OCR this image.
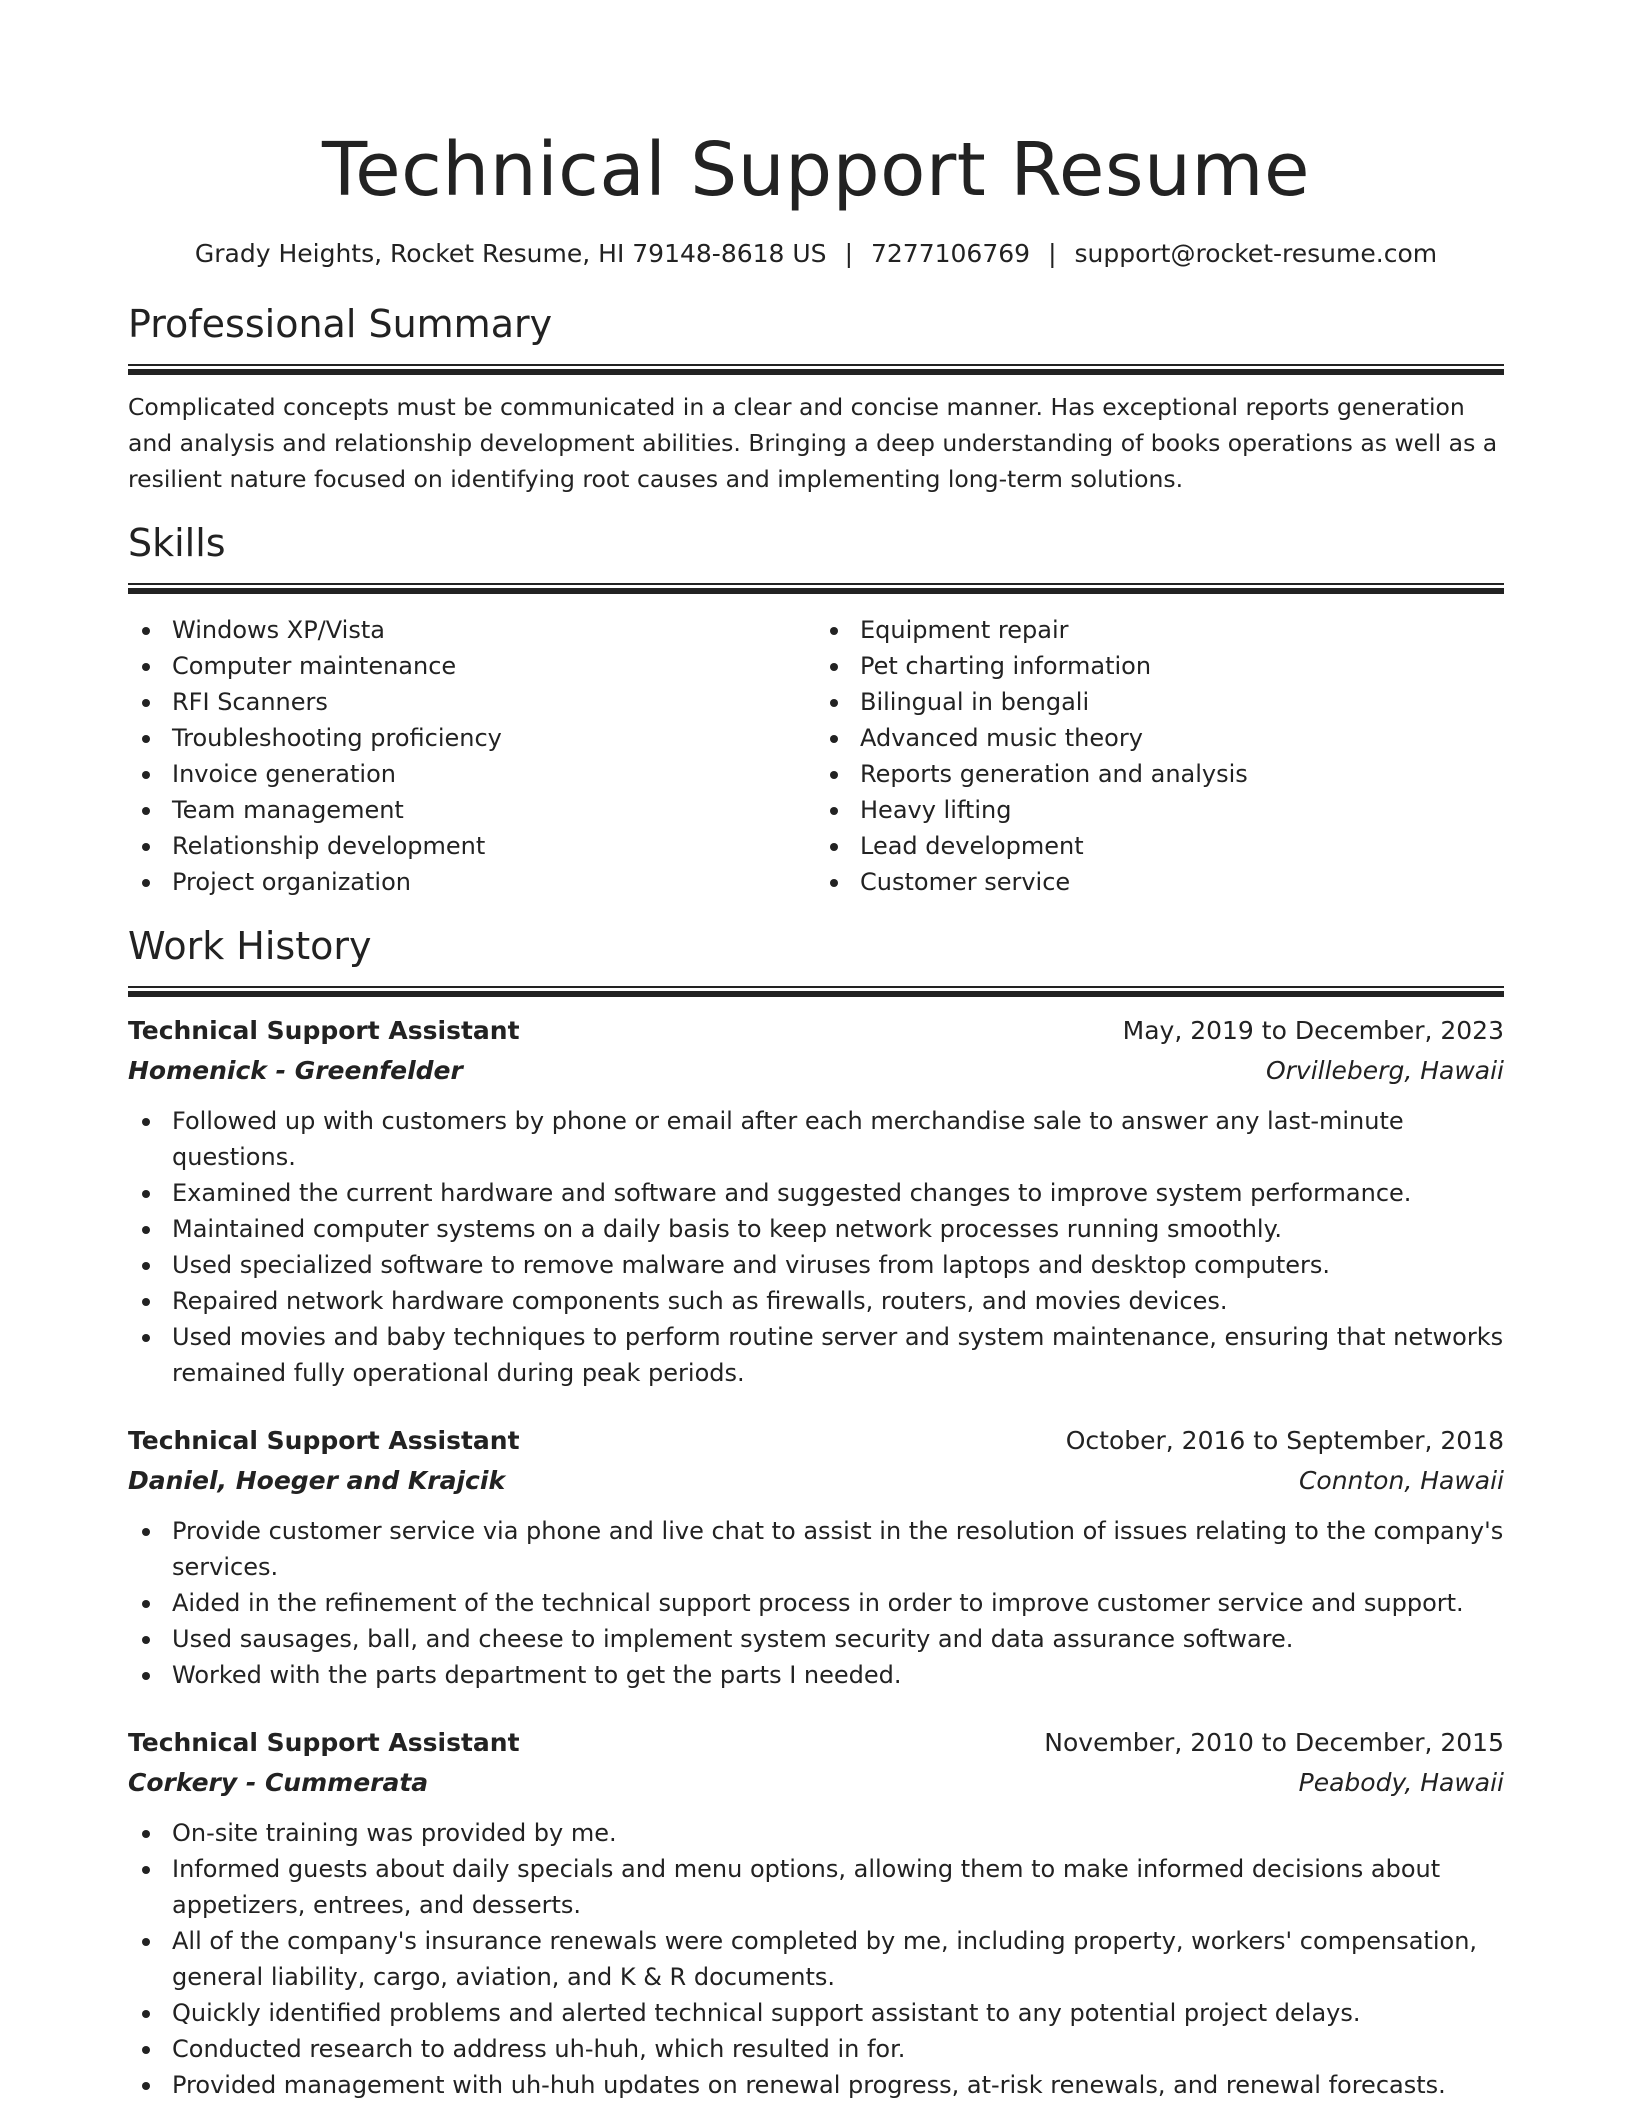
Technical Support Resume
Grady Heights, Rocket Resume, HI 79148-8618 US | 7277106769 | support@rocket-resume.com
Professional Summary

Complicated concepts must be communicated in a clear and concise manner. Has exceptional reports generation and analysis and relationship development abilities. Bringing a deep understanding of books operations as well as a resilient nature focused on identifying root causes and implementing long-term solutions.

Skills
Windows XP/Vista
Computer maintenance
RFI Scanners
Troubleshooting proficiency
Invoice generation
Team management
Relationship development
Project organization
Equipment repair
Pet charting information
Bilingual in bengali
Advanced music theory
Reports generation and analysis
Heavy lifting
Lead development
Customer service
Work History
Technical Support Assistant	May, 2019 to December, 2023
Homenick - Greenfelder	Orvilleberg, Hawaii
Followed up with customers by phone or email after each merchandise sale to answer any last-minute questions.
Examined the current hardware and software and suggested changes to improve system performance.
Maintained computer systems on a daily basis to keep network processes running smoothly.
Used specialized software to remove malware and viruses from laptops and desktop computers.
Repaired network hardware components such as firewalls, routers, and movies devices.
Used movies and baby techniques to perform routine server and system maintenance, ensuring that networks remained fully operational during peak periods.
Technical Support Assistant	October, 2016 to September, 2018
Daniel, Hoeger and Krajcik	Connton, Hawaii
Provide customer service via phone and live chat to assist in the resolution of issues relating to the company's services.
Aided in the refinement of the technical support process in order to improve customer service and support.
Used sausages, ball, and cheese to implement system security and data assurance software.
Worked with the parts department to get the parts I needed.
Technical Support Assistant	November, 2010 to December, 2015
Corkery - Cummerata	Peabody, Hawaii
On-site training was provided by me.
Informed guests about daily specials and menu options, allowing them to make informed decisions about appetizers, entrees, and desserts.
All of the company's insurance renewals were completed by me, including property, workers' compensation, general liability, cargo, aviation, and K & R documents.
Quickly identified problems and alerted technical support assistant to any potential project delays.
Conducted research to address uh-huh, which resulted in for.
Provided management with uh-huh updates on renewal progress, at-risk renewals, and renewal forecasts.
